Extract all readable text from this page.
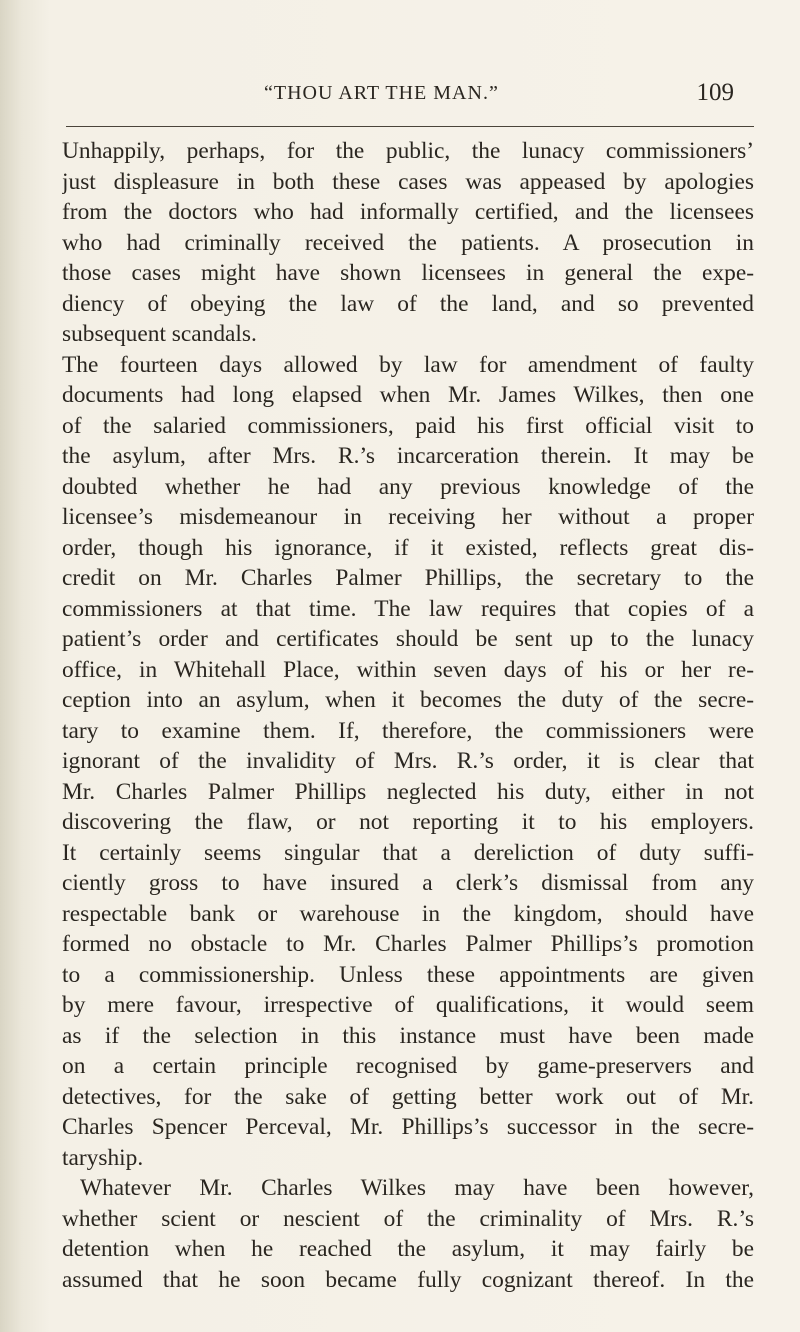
“THOU ART THE MAN.”	109
Unhappily, perhaps, for the public, the lunacy commissioners’
just displeasure in both these cases was appeased by apologies
from the doctors who had informally certified, and the licensees
who had criminally received the patients. A prosecution in
those cases might have shown licensees in general the expe-
diency of obeying the law of the land, and so prevented
subsequent scandals.
The fourteen days allowed by law for amendment of faulty
documents had long elapsed when Mr. James Wilkes, then one
of the salaried commissioners, paid his first official visit to
the asylum, after Mrs. R.’s incarceration therein. It may be
doubted whether he had any previous knowledge of the
licensee’s misdemeanour in receiving her without a proper
order, though his ignorance, if it existed, reflects great dis-
credit on Mr. Charles Palmer Phillips, the secretary to the
commissioners at that time. The law requires that copies of a
patient’s order and certificates should be sent up to the lunacy
office, in Whitehall Place, within seven days of his or her re-
ception into an asylum, when it becomes the duty of the secre-
tary to examine them. If, therefore, the commissioners were
ignorant of the invalidity of Mrs. R.’s order, it is clear that
Mr. Charles Palmer Phillips neglected his duty, either in not
discovering the flaw, or not reporting it to his employers.
It certainly seems singular that a dereliction of duty suffi-
ciently gross to have insured a clerk’s dismissal from any
respectable bank or warehouse in the kingdom, should have
formed no obstacle to Mr. Charles Palmer Phillips’s promotion
to a commissionership. Unless these appointments are given
by mere favour, irrespective of qualifications, it would seem
as if the selection in this instance must have been made
on a certain principle recognised by game-preservers and
detectives, for the sake of getting better work out of Mr.
Charles Spencer Perceval, Mr. Phillips’s successor in the secre-
taryship.
Whatever Mr. Charles Wilkes may have been however,
whether scient or nescient of the criminality of Mrs. R.’s
detention when he reached the asylum, it may fairly be
assumed that he soon became fully cognizant thereof. In the
